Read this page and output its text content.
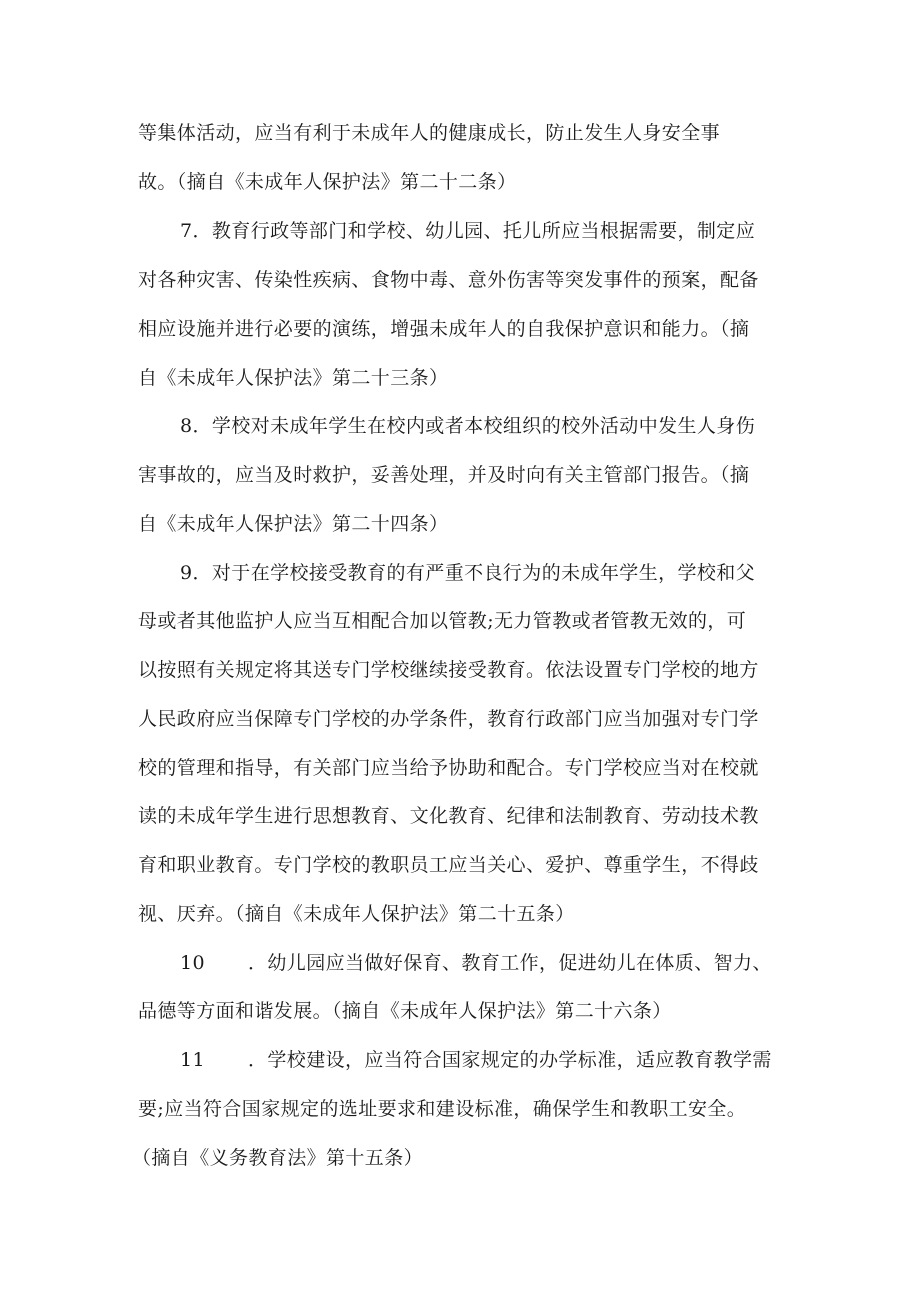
等集体活动，应当有利于未成年人的健康成长，防止发生人身安全事
故。（摘自《未成年人保护法》第二十二条）
7．教育行政等部门和学校、幼儿园、托儿所应当根据需要，制定应
对各种灾害、传染性疾病、食物中毒、意外伤害等突发事件的预案，配备
相应设施并进行必要的演练，增强未成年人的自我保护意识和能力。（摘
自《未成年人保护法》第二十三条）
8．学校对未成年学生在校内或者本校组织的校外活动中发生人身伤
害事故的，应当及时救护，妥善处理，并及时向有关主管部门报告。（摘
自《未成年人保护法》第二十四条）
9．对于在学校接受教育的有严重不良行为的未成年学生，学校和父
母或者其他监护人应当互相配合加以管教;无力管教或者管教无效的，可
以按照有关规定将其送专门学校继续接受教育。依法设置专门学校的地方
人民政府应当保障专门学校的办学条件，教育行政部门应当加强对专门学
校的管理和指导，有关部门应当给予协助和配合。专门学校应当对在校就
读的未成年学生进行思想教育、文化教育、纪律和法制教育、劳动技术教
育和职业教育。专门学校的教职员工应当关心、爱护、尊重学生，不得歧
视、厌弃。（摘自《未成年人保护法》第二十五条）
10 ．幼儿园应当做好保育、教育工作，促进幼儿在体质、智力、
品德等方面和谐发展。（摘自《未成年人保护法》第二十六条）
11 ．学校建设，应当符合国家规定的办学标准，适应教育教学需
要;应当符合国家规定的选址要求和建设标准，确保学生和教职工安全。
（摘自《义务教育法》第十五条）
